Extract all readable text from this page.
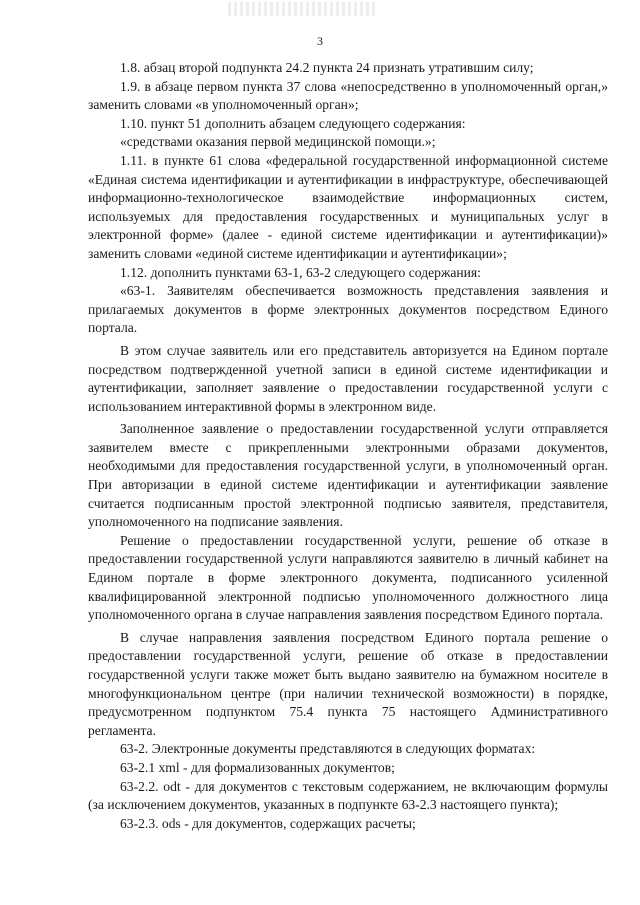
3

1.8. абзац второй подпункта 24.2 пункта 24 признать утратившим силу;

1.9. в абзаце первом пункта 37 слова «непосредственно в уполномоченный орган,» заменить словами «в уполномоченный орган»;

1.10. пункт 51 дополнить абзацем следующего содержания:

«средствами оказания первой медицинской помощи.»;

1.11. в пункте 61 слова «федеральной государственной информационной системе «Единая система идентификации и аутентификации в инфраструктуре, обеспечивающей информационно-технологическое взаимодействие информационных систем, используемых для предоставления государственных и муниципальных услуг в электронной форме» (далее - единой системе идентификации и аутентификации)» заменить словами «единой системе идентификации и аутентификации»;

1.12. дополнить пунктами 63-1, 63-2 следующего содержания:

«63-1. Заявителям обеспечивается возможность представления заявления и прилагаемых документов в форме электронных документов посредством Единого портала.

В этом случае заявитель или его представитель авторизуется на Едином портале посредством подтвержденной учетной записи в единой системе идентификации и аутентификации, заполняет заявление о предоставлении государственной услуги с использованием интерактивной формы в электронном виде.

Заполненное заявление о предоставлении государственной услуги отправляется заявителем вместе с прикрепленными электронными образами документов, необходимыми для предоставления государственной услуги, в уполномоченный орган. При авторизации в единой системе идентификации и аутентификации заявление считается подписанным простой электронной подписью заявителя, представителя, уполномоченного на подписание заявления.

Решение о предоставлении государственной услуги, решение об отказе в предоставлении государственной услуги направляются заявителю в личный кабинет на Едином портале в форме электронного документа, подписанного усиленной квалифицированной электронной подписью уполномоченного должностного лица уполномоченного органа в случае направления заявления посредством Единого портала.

В случае направления заявления посредством Единого портала решение о предоставлении государственной услуги, решение об отказе в предоставлении государственной услуги также может быть выдано заявителю на бумажном носителе в многофункциональном центре (при наличии технической возможности) в порядке, предусмотренном подпунктом 75.4 пункта 75 настоящего Административного регламента.

63-2. Электронные документы представляются в следующих форматах:

63-2.1 xml - для формализованных документов;

63-2.2. odt - для документов с текстовым содержанием, не включающим формулы (за исключением документов, указанных в подпункте 63-2.3 настоящего пункта);

63-2.3. ods - для документов, содержащих расчеты;
